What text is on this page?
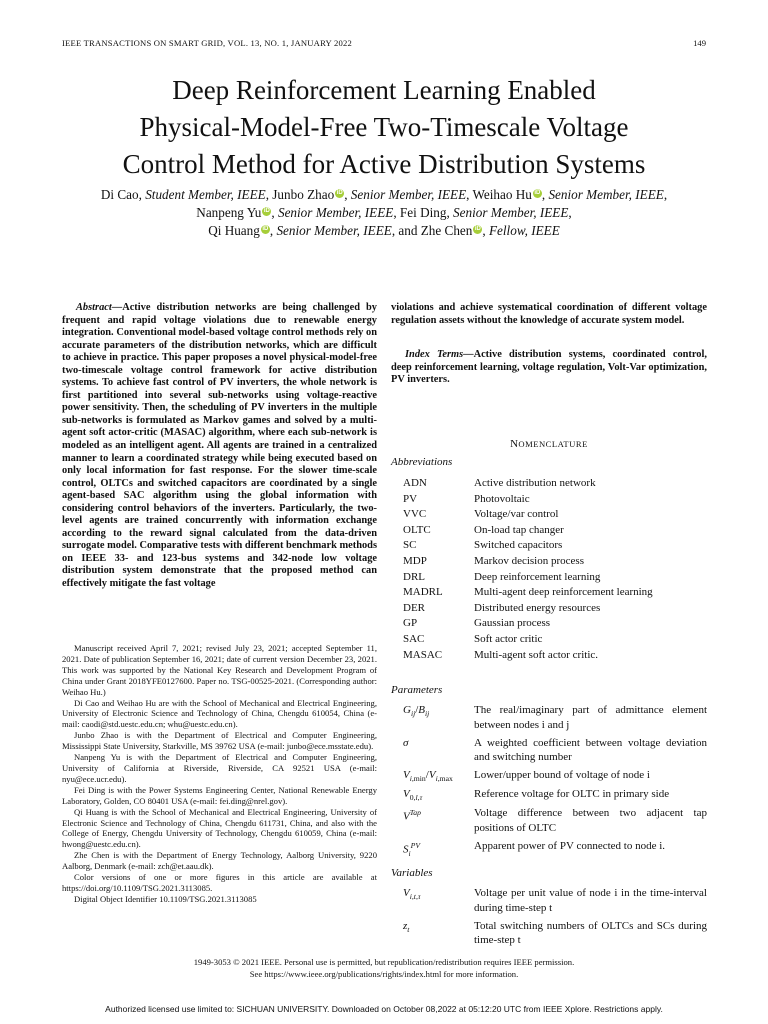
IEEE TRANSACTIONS ON SMART GRID, VOL. 13, NO. 1, JANUARY 2022	149
Deep Reinforcement Learning Enabled
Physical-Model-Free Two-Timescale Voltage
Control Method for Active Distribution Systems
Di Cao, Student Member, IEEE, Junbo Zhao iD , Senior Member, IEEE, Weihao Hu iD , Senior Member, IEEE,
Nanpeng Yu iD , Senior Member, IEEE, Fei Ding, Senior Member, IEEE,
Qi Huang iD , Senior Member, IEEE, and Zhe Chen iD , Fellow, IEEE
Abstract—Active distribution networks are being challenged by frequent and rapid voltage violations due to renewable energy integration. Conventional model-based voltage control methods rely on accurate parameters of the distribution networks, which are difficult to achieve in practice. This paper proposes a novel physical-model-free two-timescale voltage control framework for active distribution systems. To achieve fast control of PV inverters, the whole network is first partitioned into several sub-networks using voltage-reactive power sensitivity. Then, the scheduling of PV inverters in the multiple sub-networks is formulated as Markov games and solved by a multi-agent soft actor-critic (MASAC) algorithm, where each sub-network is modeled as an intelligent agent. All agents are trained in a centralized manner to learn a coordinated strategy while being executed based on only local information for fast response. For the slower time-scale control, OLTCs and switched capacitors are coordinated by a single agent-based SAC algorithm using the global information with considering control behaviors of the inverters. Particularly, the two-level agents are trained concurrently with information exchange according to the reward signal calculated from the data-driven surrogate model. Comparative tests with different benchmark methods on IEEE 33- and 123-bus systems and 342-node low voltage distribution system demonstrate that the proposed method can effectively mitigate the fast voltage

Manuscript received April 7, 2021; revised July 23, 2021; accepted September 11, 2021. Date of publication September 16, 2021; date of current version December 23, 2021. This work was supported by the National Key Research and Development Program of China under Grant 2018YFE0127600. Paper no. TSG-00525-2021. (Corresponding author: Weihao Hu.)

Di Cao and Weihao Hu are with the School of Mechanical and Electrical Engineering, University of Electronic Science and Technology of China, Chengdu 610054, China (e-mail: caodi@std.uestc.edu.cn; whu@uestc.edu.cn).

Junbo Zhao is with the Department of Electrical and Computer Engineering, Mississippi State University, Starkville, MS 39762 USA (e-mail: junbo@ece.msstate.edu).

Nanpeng Yu is with the Department of Electrical and Computer Engineering, University of California at Riverside, Riverside, CA 92521 USA (e-mail: nyu@ece.ucr.edu).

Fei Ding is with the Power Systems Engineering Center, National Renewable Energy Laboratory, Golden, CO 80401 USA (e-mail: fei.ding@nrel.gov).

Qi Huang is with the School of Mechanical and Electrical Engineering, University of Electronic Science and Technology of China, Chengdu 611731, China, and also with the College of Energy, Chengdu University of Technology, Chengdu 610059, China (e-mail: hwong@uestc.edu.cn).

Zhe Chen is with the Department of Energy Technology, Aalborg University, 9220 Aalborg, Denmark (e-mail: zch@et.aau.dk).

Color versions of one or more figures in this article are available at https://doi.org/10.1109/TSG.2021.3113085.

Digital Object Identifier 10.1109/TSG.2021.3113085

violations and achieve systematical coordination of different voltage regulation assets without the knowledge of accurate system model.
Index Terms—Active distribution systems, coordinated control, deep reinforcement learning, voltage regulation, Volt-Var optimization, PV inverters.
NOMENCLATURE
Abbreviations
ADN	Active distribution network
PV	Photovoltaic
VVC	Voltage/var control
OLTC	On-load tap changer
SC	Switched capacitors
MDP	Markov decision process
DRL	Deep reinforcement learning
MADRL	Multi-agent deep reinforcement learning
DER	Distributed energy resources
GP	Gaussian process
SAC	Soft actor critic
MASAC	Multi-agent soft actor critic.
Parameters
$G_{ij}/B_{ij}$	The real/imaginary part of admittance element between nodes i and j
σ	A weighted coefficient between voltage deviation and switching number
$V_{i,min}/V_{i,max}$	Lower/upper bound of voltage of node i
$V_{0,l,\tau}$	Reference voltage for OLTC in primary side
$V^{Tap}$	Voltage difference between two adjacent tap positions of OLTC
$S_i^{PV}$	Apparent power of PV connected to node i.
Variables
$V_{i,t,\tau}$	Voltage per unit value of node i in the time-interval during time-step t
$z_t$	Total switching numbers of OLTCs and SCs during time-step t
1949-3053 © 2021 IEEE. Personal use is permitted, but republication/redistribution requires IEEE permission.
See https://www.ieee.org/publications/rights/index.html for more information.
Authorized licensed use limited to: SICHUAN UNIVERSITY. Downloaded on October 08,2022 at 05:12:20 UTC from IEEE Xplore. Restrictions apply.
